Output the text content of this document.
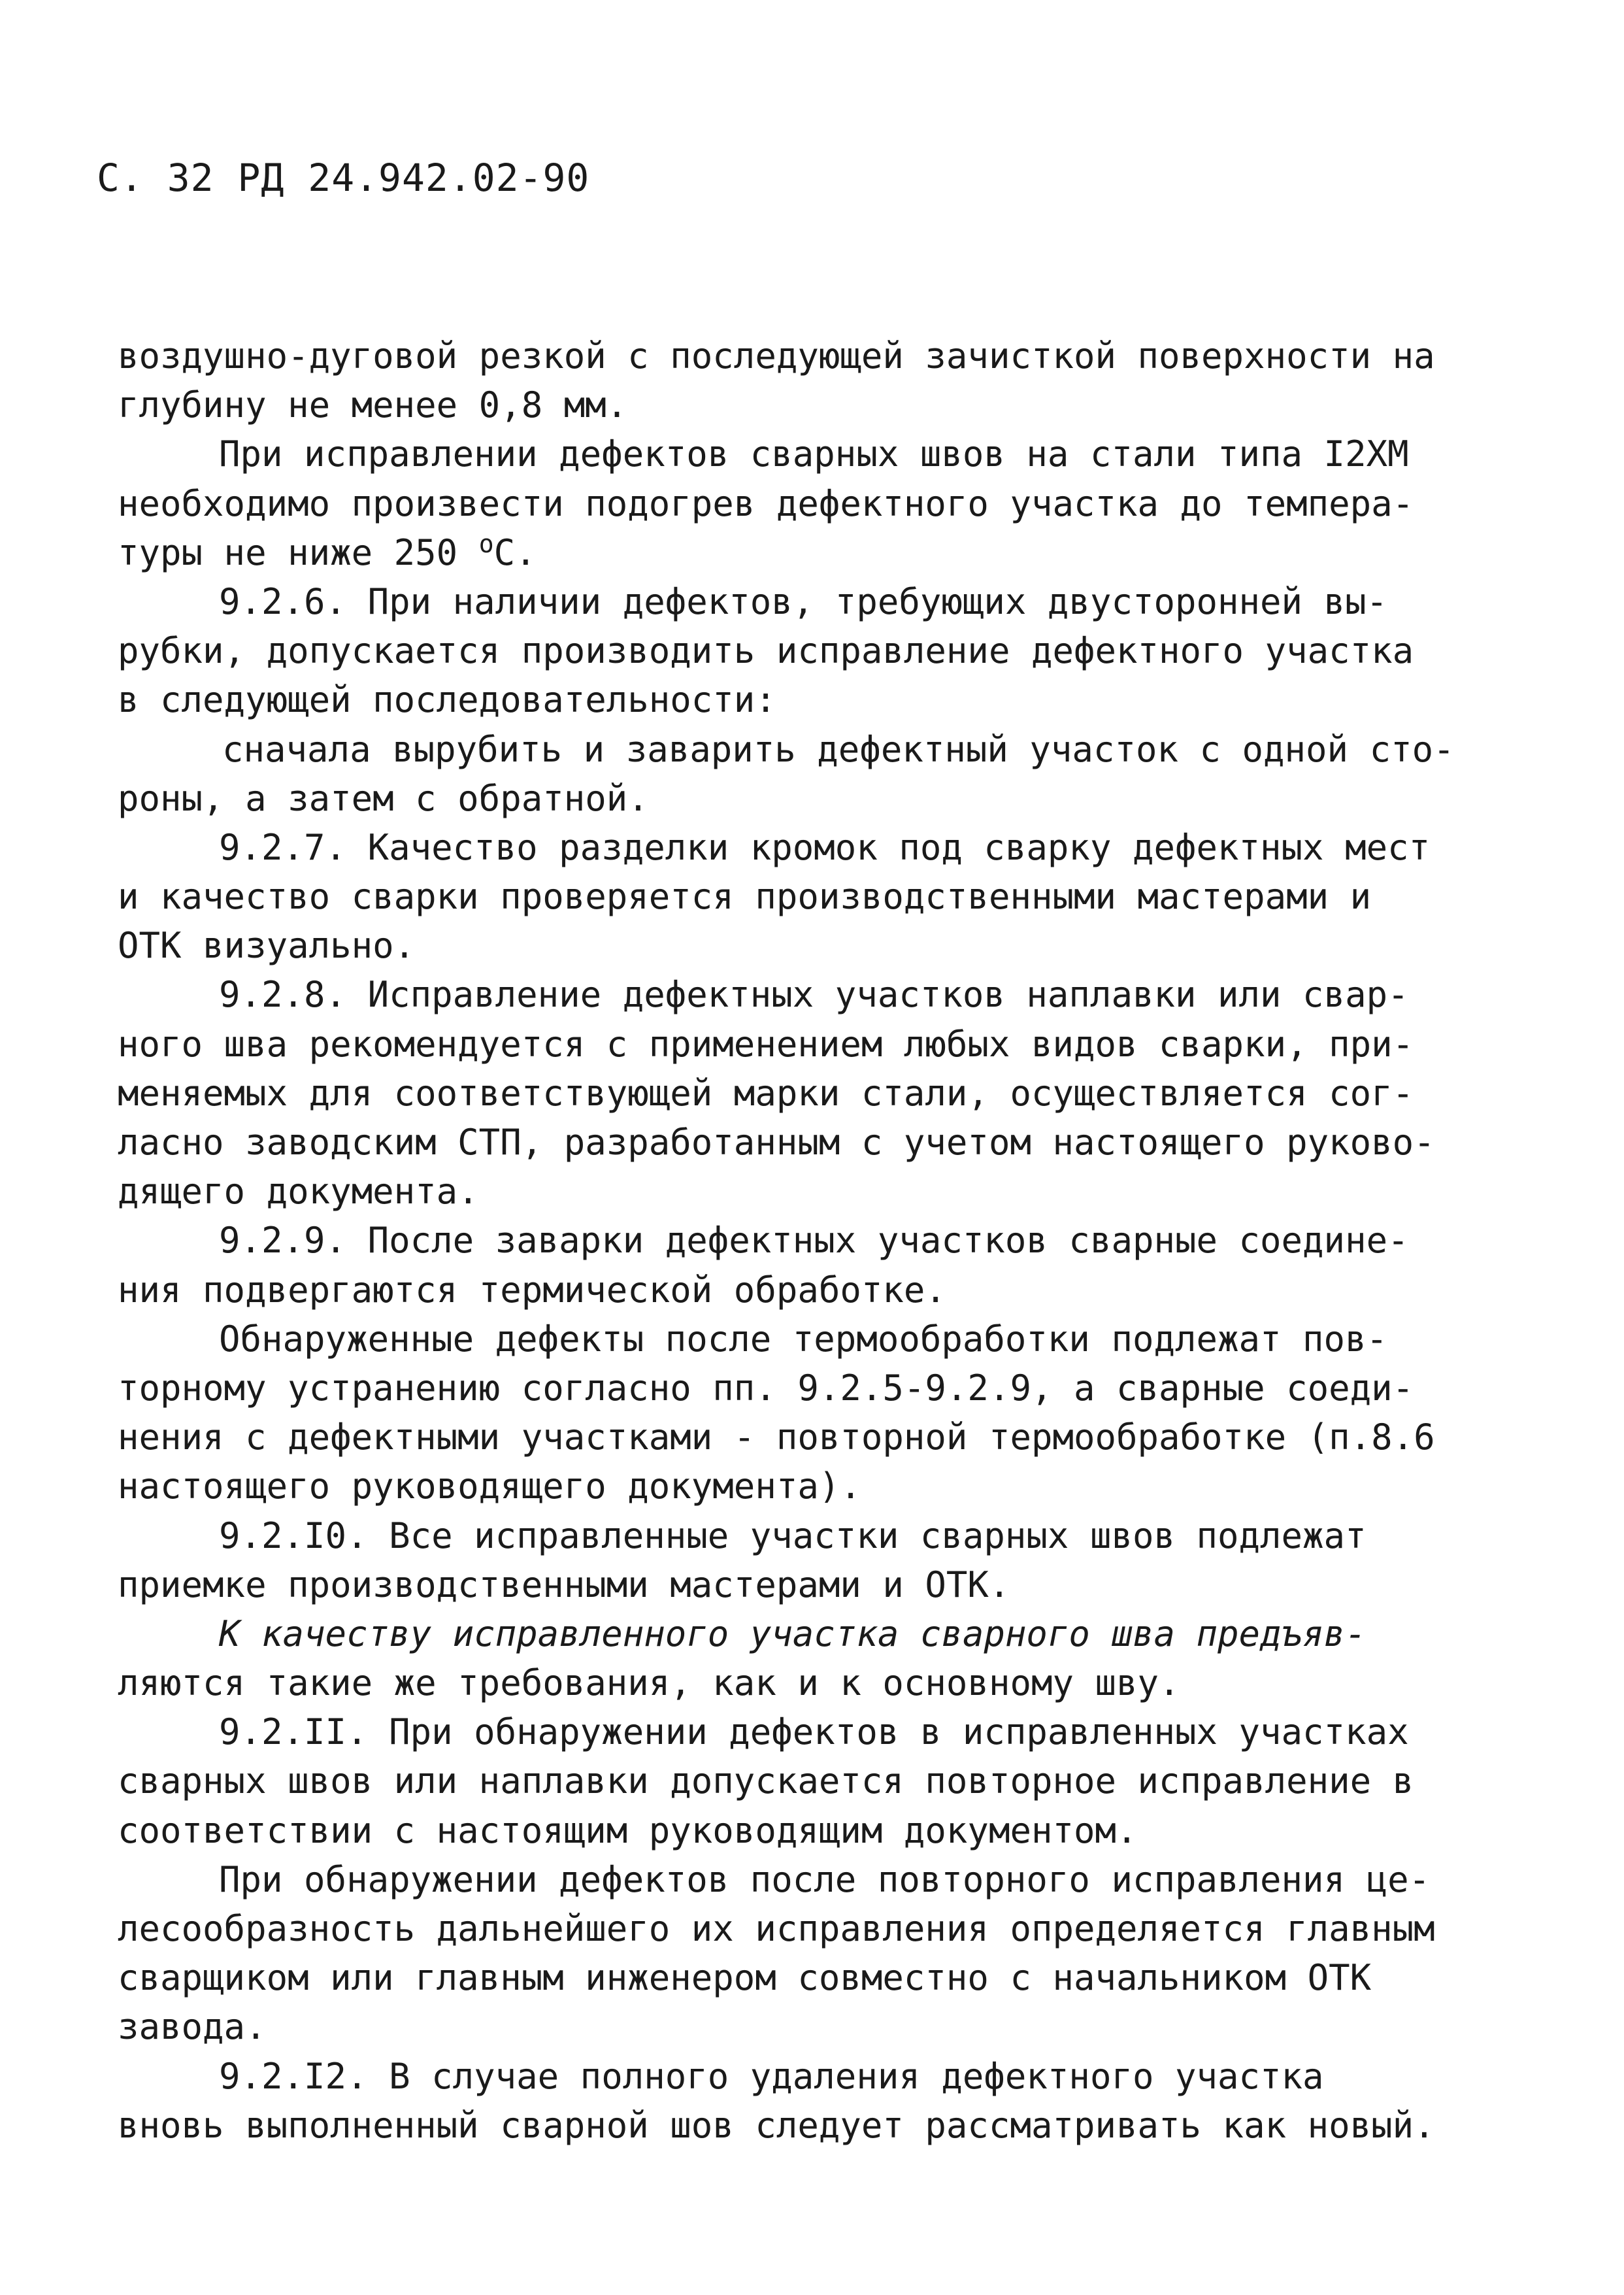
С. 32 РД 24.942.02-90
воздушно-дуговой резкой с последующей зачисткой поверхности на
глубину не менее 0,8 мм.
При исправлении дефектов сварных швов на стали типа I2ХМ
необходимо произвести подогрев дефектного участка до темпера-
туры не ниже 250 $^о$С.
9.2.6. При наличии дефектов, требующих двусторонней вы-
рубки, допускается производить исправление дефектного участка
в следующей последовательности:
сначала вырубить и заварить дефектный участок с одной сто-
роны, а затем с обратной.
9.2.7. Качество разделки кромок под сварку дефектных мест
и качество сварки проверяется производственными мастерами и
ОТК визуально.
9.2.8. Исправление дефектных участков наплавки или свар-
ного шва рекомендуется с применением любых видов сварки, при-
меняемых для соответствующей марки стали, осуществляется сог-
ласно заводским СТП, разработанным с учетом настоящего руково-
дящего документа.
9.2.9. После заварки дефектных участков сварные соедине-
ния подвергаются термической обработке.
Обнаруженные дефекты после термообработки подлежат пов-
торному устранению согласно пп. 9.2.5-9.2.9, а сварные соеди-
нения с дефектными участками - повторной термообработке (п.8.6
настоящего руководящего документа).
9.2.I0. Все исправленные участки сварных швов подлежат
приемке производственными мастерами и ОТК.
К качеству исправленного участка сварного шва предъяв-
ляются такие же требования, как и к основному шву.
9.2.II. При обнаружении дефектов в исправленных участках
сварных швов или наплавки допускается повторное исправление в
соответствии с настоящим руководящим документом.
При обнаружении дефектов после повторного исправления це-
лесообразность дальнейшего их исправления определяется главным
сварщиком или главным инженером совместно с начальником ОТК
завода.
9.2.I2. В случае полного удаления дефектного участка
вновь выполненный сварной шов следует рассматривать как новый.
